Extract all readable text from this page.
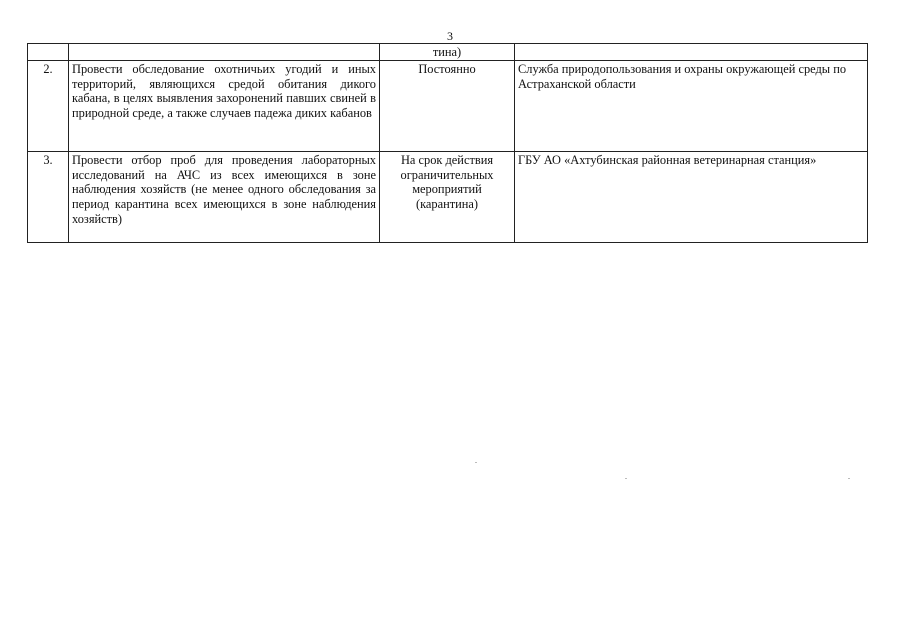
3
		тина)	
2.	Провести обследование охотничьих угодий и иных территорий, являющихся средой обитания дикого кабана, в целях выявления захоронений павших свиней в природной среде, а также случаев падежа диких кабанов	Постоянно	Служба природопользования и охраны окружающей среды по Астраханской области
3.	Провести отбор проб для проведения лабораторных исследований на АЧС из всех имеющихся в зоне наблюдения хозяйств (не менее одного обследования за период карантина всех имеющихся в зоне наблюдения хозяйств)	На срок действия ограничительных мероприятий (карантина)	ГБУ АО «Ахтубинская районная ветеринарная станция»
